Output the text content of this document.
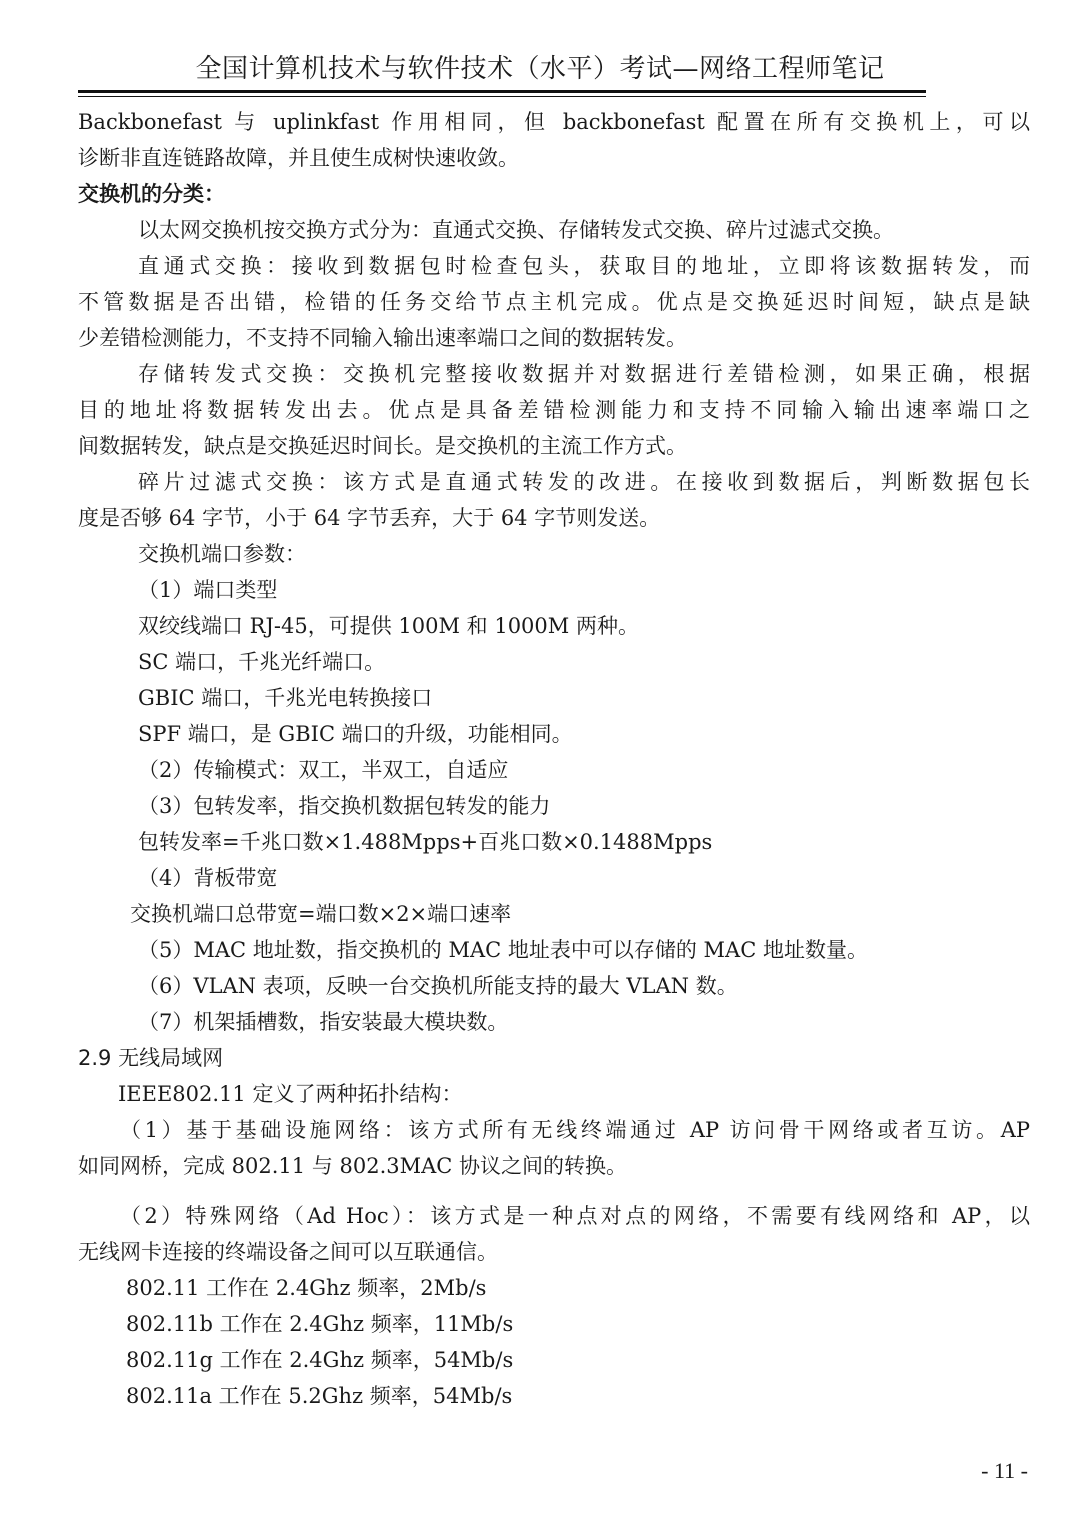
全国计算机技术与软件技术（水平）考试—网络工程师笔记

Backbonefast 与 uplinkfast 作用相同，但 backbonefast 配置在所有交换机上，可以

诊断非直连链路故障，并且使生成树快速收敛。

交换机的分类：

以太网交换机按交换方式分为：直通式交换、存储转发式交换、碎片过滤式交换。

直通式交换：接收到数据包时检查包头，获取目的地址，立即将该数据转发，而

不管数据是否出错，检错的任务交给节点主机完成。优点是交换延迟时间短，缺点是缺

少差错检测能力，不支持不同输入输出速率端口之间的数据转发。

存储转发式交换：交换机完整接收数据并对数据进行差错检测，如果正确，根据

目的地址将数据转发出去。优点是具备差错检测能力和支持不同输入输出速率端口之

间数据转发，缺点是交换延迟时间长。是交换机的主流工作方式。

碎片过滤式交换：该方式是直通式转发的改进。在接收到数据后，判断数据包长

度是否够 64 字节，小于 64 字节丢弃，大于 64 字节则发送。

交换机端口参数：

（1）端口类型

双绞线端口 RJ-45，可提供 100M 和 1000M 两种。

SC 端口，千兆光纤端口。

GBIC 端口，千兆光电转换接口

SPF 端口，是 GBIC 端口的升级，功能相同。

（2）传输模式：双工，半双工，自适应

（3）包转发率，指交换机数据包转发的能力

包转发率=千兆口数×1.488Mpps+百兆口数×0.1488Mpps

（4）背板带宽

交换机端口总带宽=端口数×2×端口速率

（5）MAC 地址数，指交换机的 MAC 地址表中可以存储的 MAC 地址数量。

（6）VLAN 表项，反映一台交换机所能支持的最大 VLAN 数。

（7）机架插槽数，指安装最大模块数。

2.9 无线局域网

IEEE802.11 定义了两种拓扑结构：

（1）基于基础设施网络：该方式所有无线终端通过 AP 访问骨干网络或者互访。AP

如同网桥，完成 802.11 与 802.3MAC 协议之间的转换。

（2）特殊网络（Ad Hoc）：该方式是一种点对点的网络，不需要有线网络和 AP，以

无线网卡连接的终端设备之间可以互联通信。

802.11 工作在 2.4Ghz 频率，2Mb/s

802.11b 工作在 2.4Ghz 频率，11Mb/s

802.11g 工作在 2.4Ghz 频率，54Mb/s

802.11a 工作在 5.2Ghz 频率，54Mb/s

- 11 -
